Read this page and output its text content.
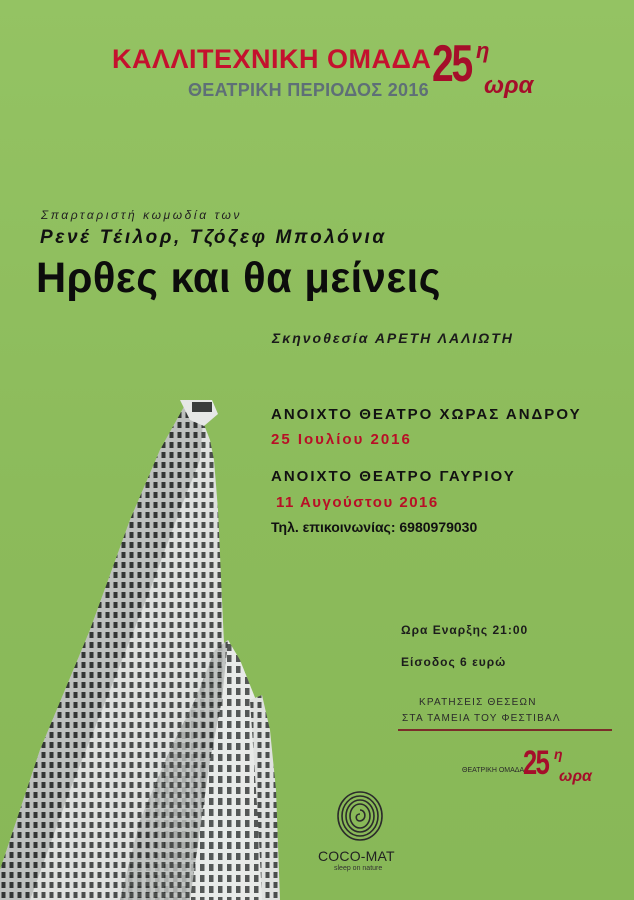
ΚΑΛΛΙΤΕΧΝΙΚΗ ΟΜΑΔΑ
ΘΕΑΤΡΙΚΗ ΠΕΡΙΟΔΟΣ 2016 25 η
ωρα
Σπαρταριστή κωμωδία των
Ρενέ Τέιλορ, Τζόζεφ Μπολόνια
Ηρθες και θα μείνεις
Σκηνοθεσία ΑΡΕΤΗ ΛΑΛΙΩΤΗ
ΑΝΟΙΧΤΟ ΘΕΑΤΡΟ ΧΩΡΑΣ ΑΝΔΡΟΥ
25 Ιουλίου 2016
ΑΝΟΙΧΤΟ ΘΕΑΤΡΟ ΓΑΥΡΙΟΥ
11 Αυγούστου 2016
Τηλ. επικοινωνίας: 6980979030
Ωρα Εναρξης 21:00
Είσοδος 6 ευρώ
ΚΡΑΤΗΣΕΙΣ ΘΕΣΕΩΝ
ΣΤΑ ΤΑΜΕΙΑ ΤΟΥ ΦΕΣΤΙΒΑΛ
ΘΕΑΤΡΙΚΗ ΟΜΑΔΑ
25 η
ωρα
COCO-MAT
sleep on nature
